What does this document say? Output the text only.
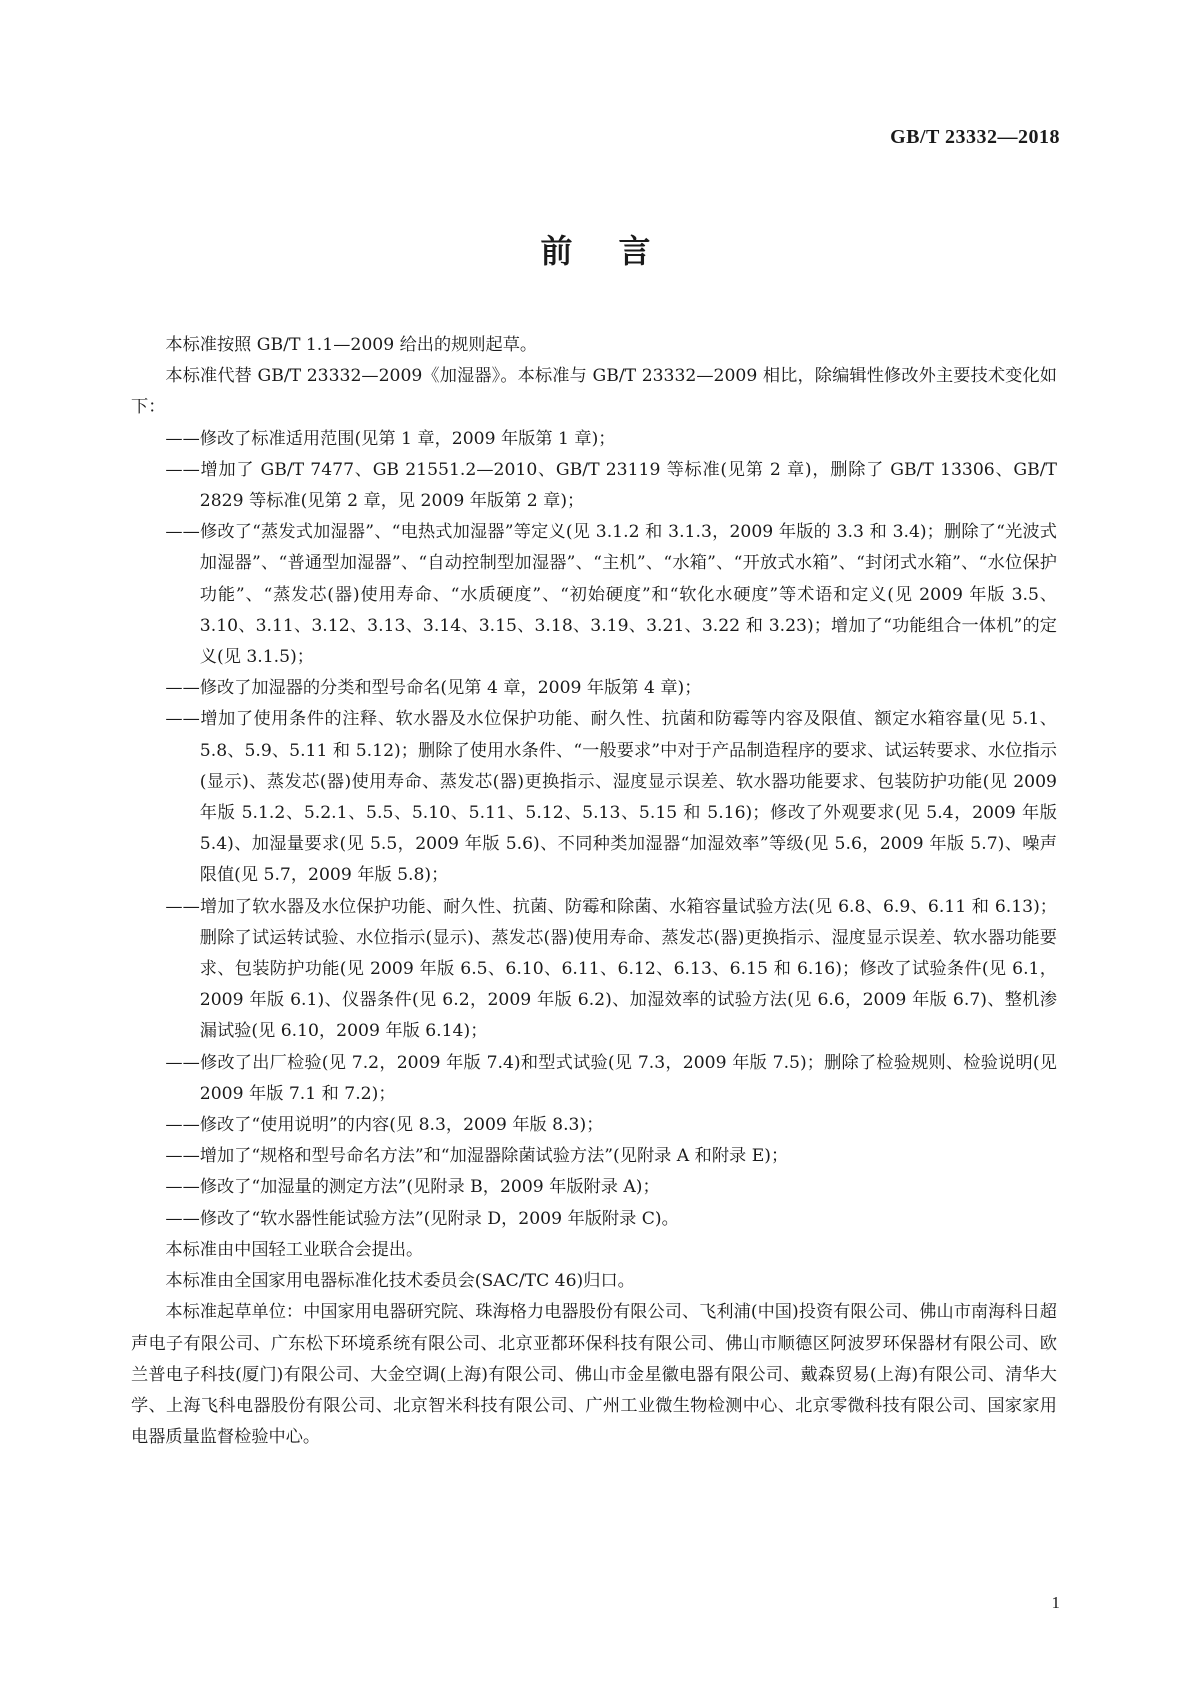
GB/T 23332—2018
前言

本标准按照 GB/T 1.1—2009 给出的规则起草。

本标准代替 GB/T 23332—2009《加湿器》。本标准与 GB/T 23332—2009 相比，除编辑性修改外主要技术变化如下：

——修改了标准适用范围(见第 1 章，2009 年版第 1 章)；

——增加了 GB/T 7477、GB 21551.2—2010、GB/T 23119 等标准(见第 2 章)，删除了 GB/T 13306、GB/T 2829 等标准(见第 2 章，见 2009 年版第 2 章)；

——修改了“蒸发式加湿器”、“电热式加湿器”等定义(见 3.1.2 和 3.1.3，2009 年版的 3.3 和 3.4)；删除了“光波式加湿器”、“普通型加湿器”、“自动控制型加湿器”、“主机”、“水箱”、“开放式水箱”、“封闭式水箱”、“水位保护功能”、“蒸发芯(器)使用寿命、“水质硬度”、“初始硬度”和“软化水硬度”等术语和定义(见 2009 年版 3.5、3.10、3.11、3.12、3.13、3.14、3.15、3.18、3.19、3.21、3.22 和 3.23)；增加了“功能组合一体机”的定义(见 3.1.5)；

——修改了加湿器的分类和型号命名(见第 4 章，2009 年版第 4 章)；

——增加了使用条件的注释、软水器及水位保护功能、耐久性、抗菌和防霉等内容及限值、额定水箱容量(见 5.1、5.8、5.9、5.11 和 5.12)；删除了使用水条件、“一般要求”中对于产品制造程序的要求、试运转要求、水位指示(显示)、蒸发芯(器)使用寿命、蒸发芯(器)更换指示、湿度显示误差、软水器功能要求、包装防护功能(见 2009 年版 5.1.2、5.2.1、5.5、5.10、5.11、5.12、5.13、5.15 和 5.16)；修改了外观要求(见 5.4，2009 年版 5.4)、加湿量要求(见 5.5，2009 年版 5.6)、不同种类加湿器“加湿效率”等级(见 5.6，2009 年版 5.7)、噪声限值(见 5.7，2009 年版 5.8)；

——增加了软水器及水位保护功能、耐久性、抗菌、防霉和除菌、水箱容量试验方法(见 6.8、6.9、6.11 和 6.13)；删除了试运转试验、水位指示(显示)、蒸发芯(器)使用寿命、蒸发芯(器)更换指示、湿度显示误差、软水器功能要求、包装防护功能(见 2009 年版 6.5、6.10、6.11、6.12、6.13、6.15 和 6.16)；修改了试验条件(见 6.1，2009 年版 6.1)、仪器条件(见 6.2，2009 年版 6.2)、加湿效率的试验方法(见 6.6，2009 年版 6.7)、整机渗漏试验(见 6.10，2009 年版 6.14)；

——修改了出厂检验(见 7.2，2009 年版 7.4)和型式试验(见 7.3，2009 年版 7.5)；删除了检验规则、检验说明(见 2009 年版 7.1 和 7.2)；

——修改了“使用说明”的内容(见 8.3，2009 年版 8.3)；

——增加了“规格和型号命名方法”和“加湿器除菌试验方法”(见附录 A 和附录 E)；

——修改了“加湿量的测定方法”(见附录 B，2009 年版附录 A)；

——修改了“软水器性能试验方法”(见附录 D，2009 年版附录 C)。

本标准由中国轻工业联合会提出。

本标准由全国家用电器标准化技术委员会(SAC/TC 46)归口。

本标准起草单位：中国家用电器研究院、珠海格力电器股份有限公司、飞利浦(中国)投资有限公司、佛山市南海科日超声电子有限公司、广东松下环境系统有限公司、北京亚都环保科技有限公司、佛山市顺德区阿波罗环保器材有限公司、欧兰普电子科技(厦门)有限公司、大金空调(上海)有限公司、佛山市金星徽电器有限公司、戴森贸易(上海)有限公司、清华大学、上海飞科电器股份有限公司、北京智米科技有限公司、广州工业微生物检测中心、北京零微科技有限公司、国家家用电器质量监督检验中心。

1
